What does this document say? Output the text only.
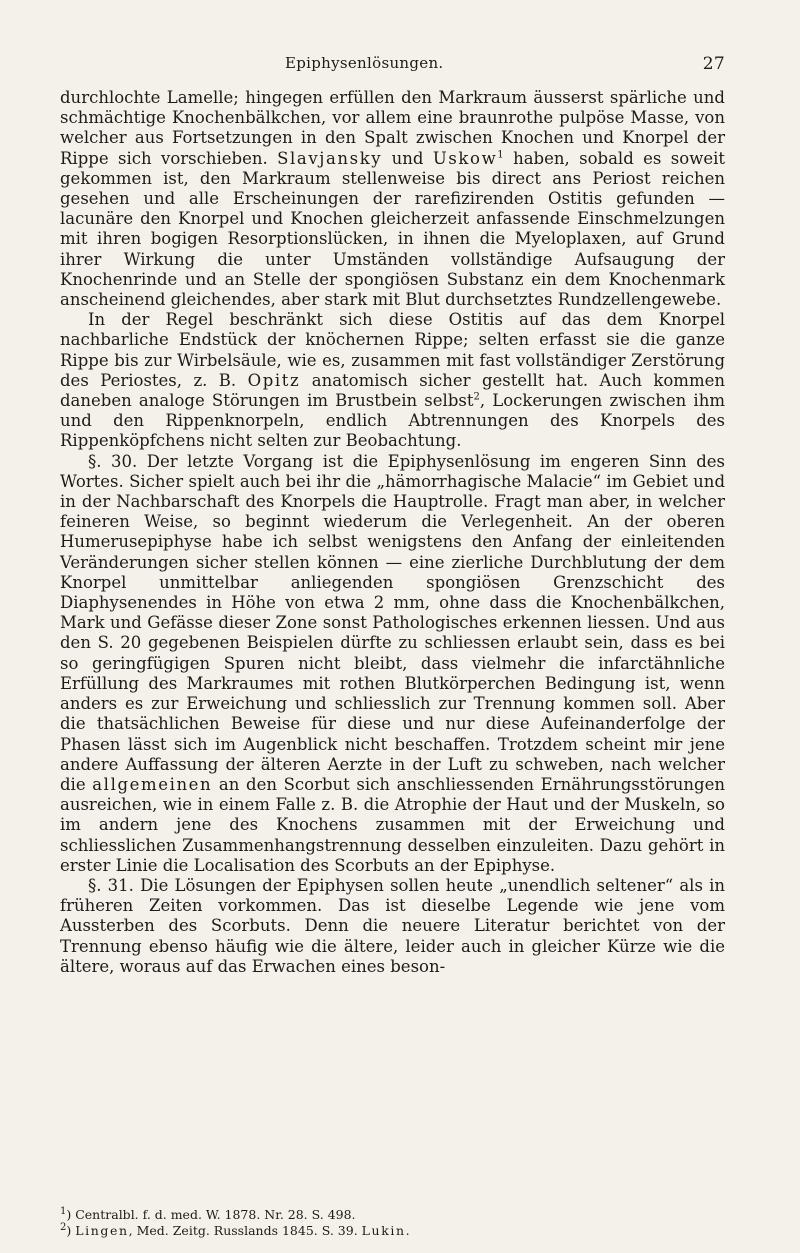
Epiphysenlösungen.	27

durchlochte Lamelle; hingegen erfüllen den Markraum äusserst spärliche und schmächtige Knochenbälkchen, vor allem eine braunrothe pulpöse Masse, von welcher aus Fortsetzungen in den Spalt zwischen Knochen und Knorpel der Rippe sich vorschieben. Slavjansky und Uskow$^1$ haben, sobald es soweit gekommen ist, den Markraum stellenweise bis direct ans Periost reichen gesehen und alle Erscheinungen der rarefizirenden Ostitis gefunden — lacunäre den Knorpel und Knochen gleicherzeit anfassende Einschmelzungen mit ihren bogigen Resorptionslücken, in ihnen die Myeloplaxen, auf Grund ihrer Wirkung die unter Umständen vollständige Aufsaugung der Knochenrinde und an Stelle der spongiösen Substanz ein dem Knochenmark anscheinend gleichendes, aber stark mit Blut durchsetztes Rundzellengewebe.

In der Regel beschränkt sich diese Ostitis auf das dem Knorpel nachbarliche Endstück der knöchernen Rippe; selten erfasst sie die ganze Rippe bis zur Wirbelsäule, wie es, zusammen mit fast vollständiger Zerstörung des Periostes, z. B. Opitz anatomisch sicher gestellt hat. Auch kommen daneben analoge Störungen im Brustbein selbst$^2$, Lockerungen zwischen ihm und den Rippenknorpeln, endlich Abtrennungen des Knorpels des Rippenköpfchens nicht selten zur Beobachtung.

§. 30. Der letzte Vorgang ist die Epiphysenlösung im engeren Sinn des Wortes. Sicher spielt auch bei ihr die „hämorrhagische Malacie“ im Gebiet und in der Nachbarschaft des Knorpels die Hauptrolle. Fragt man aber, in welcher feineren Weise, so beginnt wiederum die Verlegenheit. An der oberen Humerusepiphyse habe ich selbst wenigstens den Anfang der einleitenden Veränderungen sicher stellen können — eine zierliche Durchblutung der dem Knorpel unmittelbar anliegenden spongiösen Grenzschicht des Diaphysenendes in Höhe von etwa 2 mm, ohne dass die Knochenbälkchen, Mark und Gefässe dieser Zone sonst Pathologisches erkennen liessen. Und aus den S. 20 gegebenen Beispielen dürfte zu schliessen erlaubt sein, dass es bei so geringfügigen Spuren nicht bleibt, dass vielmehr die infarctähnliche Erfüllung des Markraumes mit rothen Blutkörperchen Bedingung ist, wenn anders es zur Erweichung und schliesslich zur Trennung kommen soll. Aber die thatsächlichen Beweise für diese und nur diese Aufeinanderfolge der Phasen lässt sich im Augenblick nicht beschaffen. Trotzdem scheint mir jene andere Auffassung der älteren Aerzte in der Luft zu schweben, nach welcher die allgemeinen an den Scorbut sich anschliessenden Ernährungsstörungen ausreichen, wie in einem Falle z. B. die Atrophie der Haut und der Muskeln, so im andern jene des Knochens zusammen mit der Erweichung und schliesslichen Zusammenhangstrennung desselben einzuleiten. Dazu gehört in erster Linie die Localisation des Scorbuts an der Epiphyse.

§. 31. Die Lösungen der Epiphysen sollen heute „unendlich seltener“ als in früheren Zeiten vorkommen. Das ist dieselbe Legende wie jene vom Aussterben des Scorbuts. Denn die neuere Literatur berichtet von der Trennung ebenso häufig wie die ältere, leider auch in gleicher Kürze wie die ältere, woraus auf das Erwachen eines beson-

$^1$) Centralbl. f. d. med. W. 1878. Nr. 28. S. 498.
$^2$) Lingen, Med. Zeitg. Russlands 1845. S. 39. Lukin.
